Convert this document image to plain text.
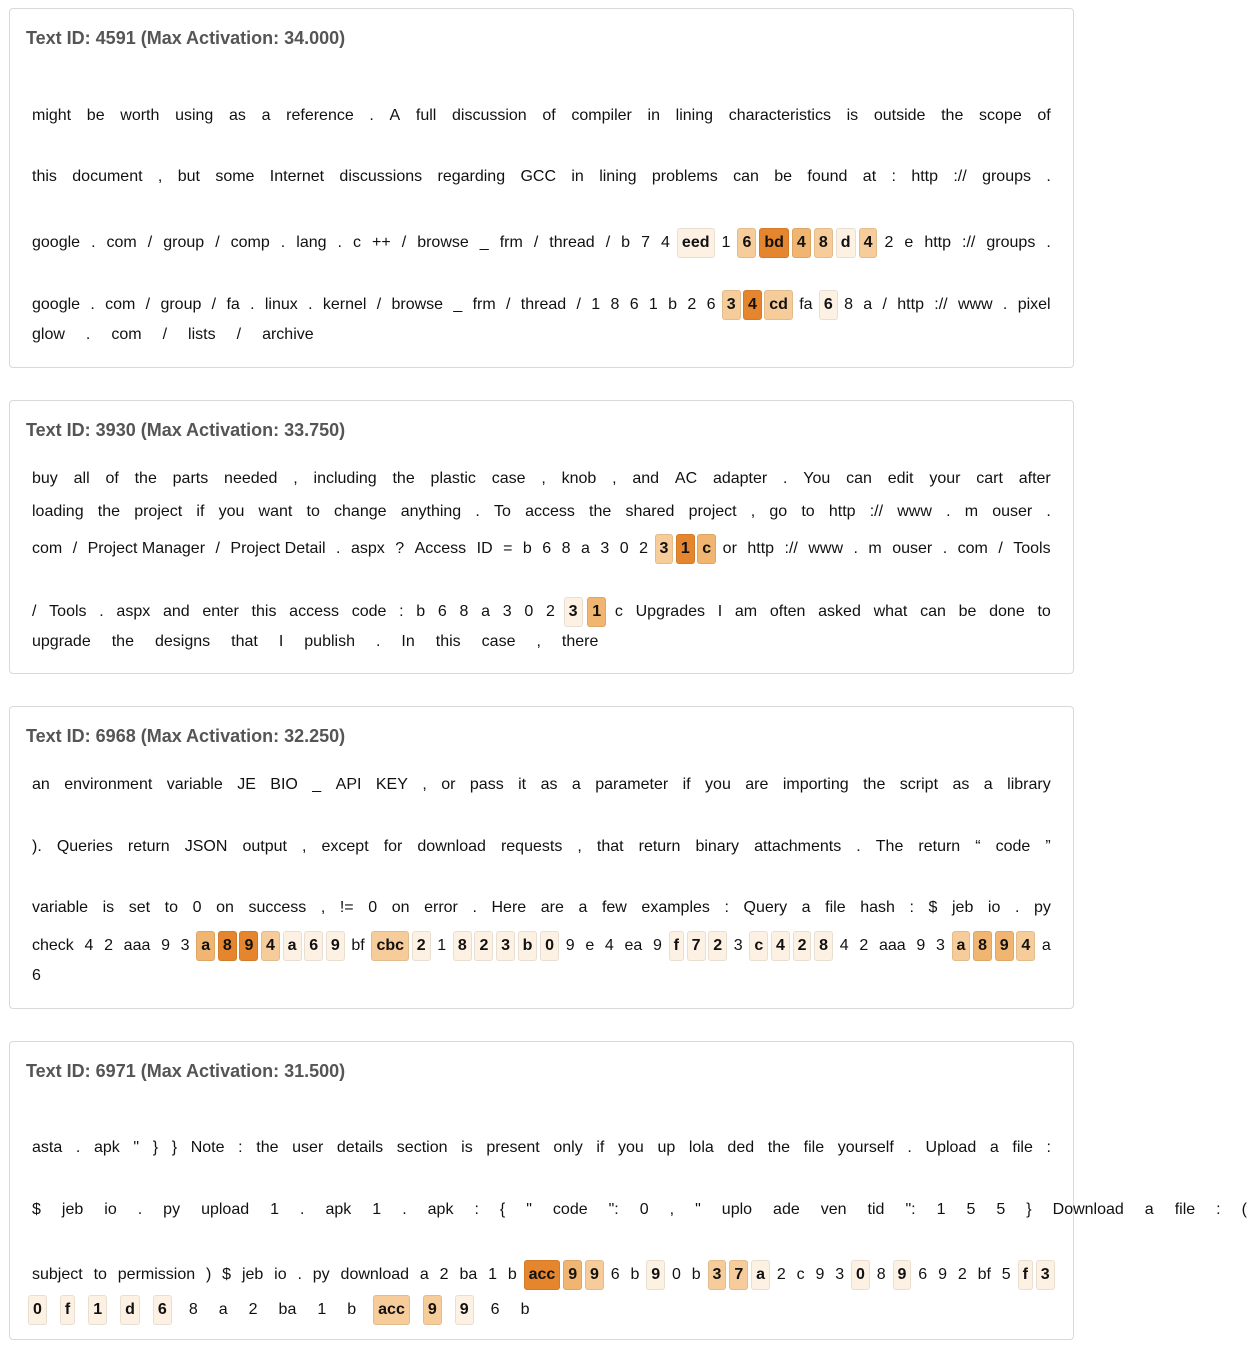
Text ID: 4591 (Max Activation: 34.000)
might be worth using as a reference . A full discussion of compiler in lining characteristics is outside the scope of
this document , but some Internet discussions regarding GCC in lining problems can be found at : http :// groups .
google . com / group / comp . lang . c ++ / browse _ frm / thread / b 7 4 eed 1 6 bd 4 8 d 4 2 e http :// groups .
google . com / group / fa . linux . kernel / browse _ frm / thread / 1 8 6 1 b 2 6 3 4 cd fa 6 8 a / http :// www . pixel
glow . com / lists / archive
Text ID: 3930 (Max Activation: 33.750)
buy all of the parts needed , including the plastic case , knob , and AC adapter . You can edit your cart after
loading the project if you want to change anything . To access the shared project , go to http :// www . m ouser .
com / Project Manager / Project Detail . aspx ? Access ID = b 6 8 a 3 0 2 3 1 c or http :// www . m ouser . com / Tools
/ Tools . aspx and enter this access code : b 6 8 a 3 0 2 3 1 c Upgrades I am often asked what can be done to
upgrade the designs that I publish . In this case , there
Text ID: 6968 (Max Activation: 32.250)
an environment variable JE BIO _ API KEY , or pass it as a parameter if you are importing the script as a library
). Queries return JSON output , except for download requests , that return binary attachments . The return “ code ”
variable is set to 0 on success , != 0 on error . Here are a few examples : Query a file hash : $ jeb io . py
check 4 2 aaa 9 3 a 8 9 4 a 6 9 bf cbc 2 1 8 2 3 b 0 9 e 4 ea 9 f 7 2 3 c 4 2 8 4 2 aaa 9 3 a 8 9 4 a
6
Text ID: 6971 (Max Activation: 31.500)
asta . apk " } } Note : the user details section is present only if you up lola ded the file yourself . Upload a file :
$ jeb io . py upload 1 . apk 1 . apk : { " code ": 0 , " uplo ade ven tid ": 1 5 5 } Download a file : (
subject to permission ) $ jeb io . py download a 2 ba 1 b acc 9 9 6 b 9 0 b 3 7 a 2 c 9 3 0 8 9 6 9 2 bf 5 f 3
0	f	1	d	6	8 a 2 ba 1 b	acc	9	9	6 b
